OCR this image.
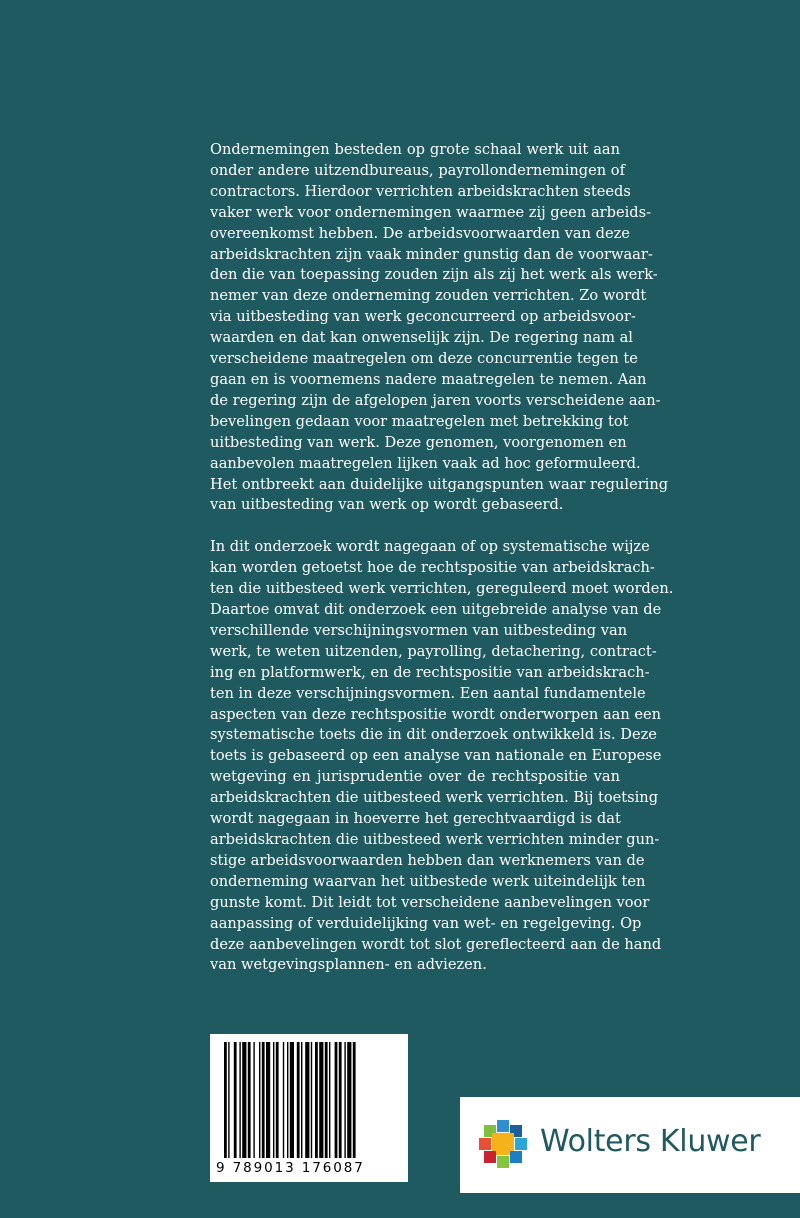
Ondernemingen besteden op grote schaal werk uit aan
onder andere uitzendbureaus, payrollondernemingen of
contractors. Hierdoor verrichten arbeidskrachten steeds
vaker werk voor ondernemingen waarmee zij geen arbeids-
overeenkomst hebben. De arbeidsvoorwaarden van deze
arbeidskrachten zijn vaak minder gunstig dan de voorwaar-
den die van toepassing zouden zijn als zij het werk als werk-
nemer van deze onderneming zouden verrichten. Zo wordt
via uitbesteding van werk geconcurreerd op arbeidsvoor-
waarden en dat kan onwenselijk zijn. De regering nam al
verscheidene maatregelen om deze concurrentie tegen te
gaan en is voornemens nadere maatregelen te nemen. Aan
de regering zijn de afgelopen jaren voorts verscheidene aan-
bevelingen gedaan voor maatregelen met betrekking tot
uitbesteding van werk. Deze genomen, voorgenomen en
aanbevolen maatregelen lijken vaak ad hoc geformuleerd.
Het ontbreekt aan duidelijke uitgangspunten waar regulering
van uitbesteding van werk op wordt gebaseerd.

In dit onderzoek wordt nagegaan of op systematische wijze
kan worden getoetst hoe de rechtspositie van arbeidskrach-
ten die uitbesteed werk verrichten, gereguleerd moet worden.
Daartoe omvat dit onderzoek een uitgebreide analyse van de
verschillende verschijningsvormen van uitbesteding van
werk, te weten uitzenden, payrolling, detachering, contract-
ing en platformwerk, en de rechtspositie van arbeidskrach-
ten in deze verschijningsvormen. Een aantal fundamentele
aspecten van deze rechtspositie wordt onderworpen aan een
systematische toets die in dit onderzoek ontwikkeld is. Deze
toets is gebaseerd op een analyse van nationale en Europese
wetgeving en jurisprudentie over de rechtspositie van
arbeidskrachten die uitbesteed werk verrichten. Bij toetsing
wordt nagegaan in hoeverre het gerechtvaardigd is dat
arbeidskrachten die uitbesteed werk verrichten minder gun-
stige arbeidsvoorwaarden hebben dan werknemers van de
onderneming waarvan het uitbestede werk uiteindelijk ten
gunste komt. Dit leidt tot verscheidene aanbevelingen voor
aanpassing of verduidelijking van wet- en regelgeving. Op
deze aanbevelingen wordt tot slot gereflecteerd aan de hand
van wetgevingsplannen- en adviezen.

9 789013 176087
Wolters Kluwer
